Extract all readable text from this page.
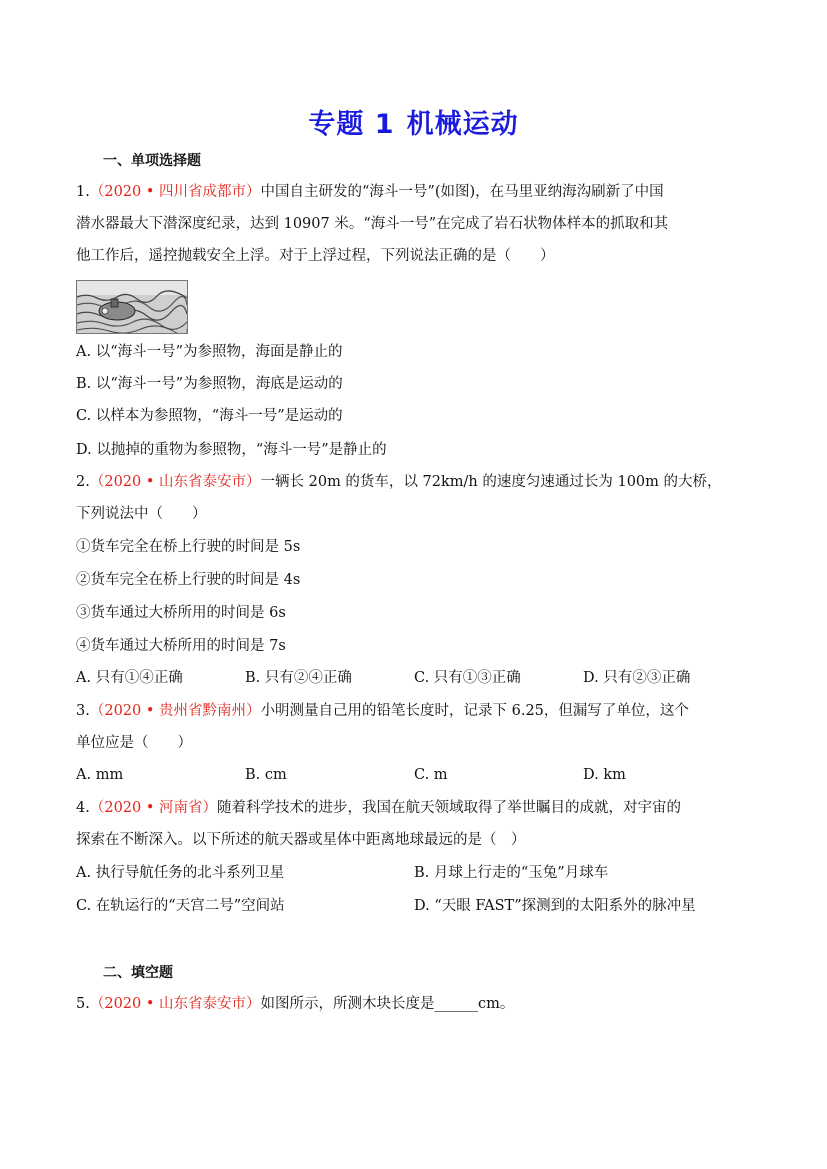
专题 1 机械运动
一、单项选择题
1.（2020 • 四川省成都市）中国自主研发的“海斗一号”(如图)，在马里亚纳海沟刷新了中国
潜水器最大下潜深度纪录，达到 10907 米。“海斗一号”在完成了岩石状物体样本的抓取和其
他工作后，遥控抛载安全上浮。对于上浮过程，下列说法正确的是（　　）
A. 以“海斗一号”为参照物，海面是静止的
B. 以“海斗一号”为参照物，海底是运动的
C. 以样本为参照物，“海斗一号”是运动的
D. 以抛掉的重物为参照物，“海斗一号”是静止的
2.（2020 • 山东省泰安市）一辆长 20m 的货车，以 72km/h 的速度匀速通过长为 100m 的大桥，
下列说法中（　　）
①货车完全在桥上行驶的时间是 5s
②货车完全在桥上行驶的时间是 4s
③货车通过大桥所用的时间是 6s
④货车通过大桥所用的时间是 7s
A. 只有①④正确	B. 只有②④正确	C. 只有①③正确	D. 只有②③正确
3.（2020 • 贵州省黔南州）小明测量自己用的铅笔长度时，记录下 6.25，但漏写了单位，这个
单位应是（　　）
A. mm	B. cm	C. m	D. km
4.（2020 • 河南省）随着科学技术的进步，我国在航天领域取得了举世瞩目的成就，对宇宙的
探索在不断深入。以下所述的航天器或星体中距离地球最远的是（　）
A. 执行导航任务的北斗系列卫星	B. 月球上行走的“玉兔”月球车
C. 在轨运行的“天宫二号”空间站	D. “天眼 FAST”探测到的太阳系外的脉冲星
二、填空题
5.（2020 • 山东省泰安市）如图所示，所测木块长度是______cm。
